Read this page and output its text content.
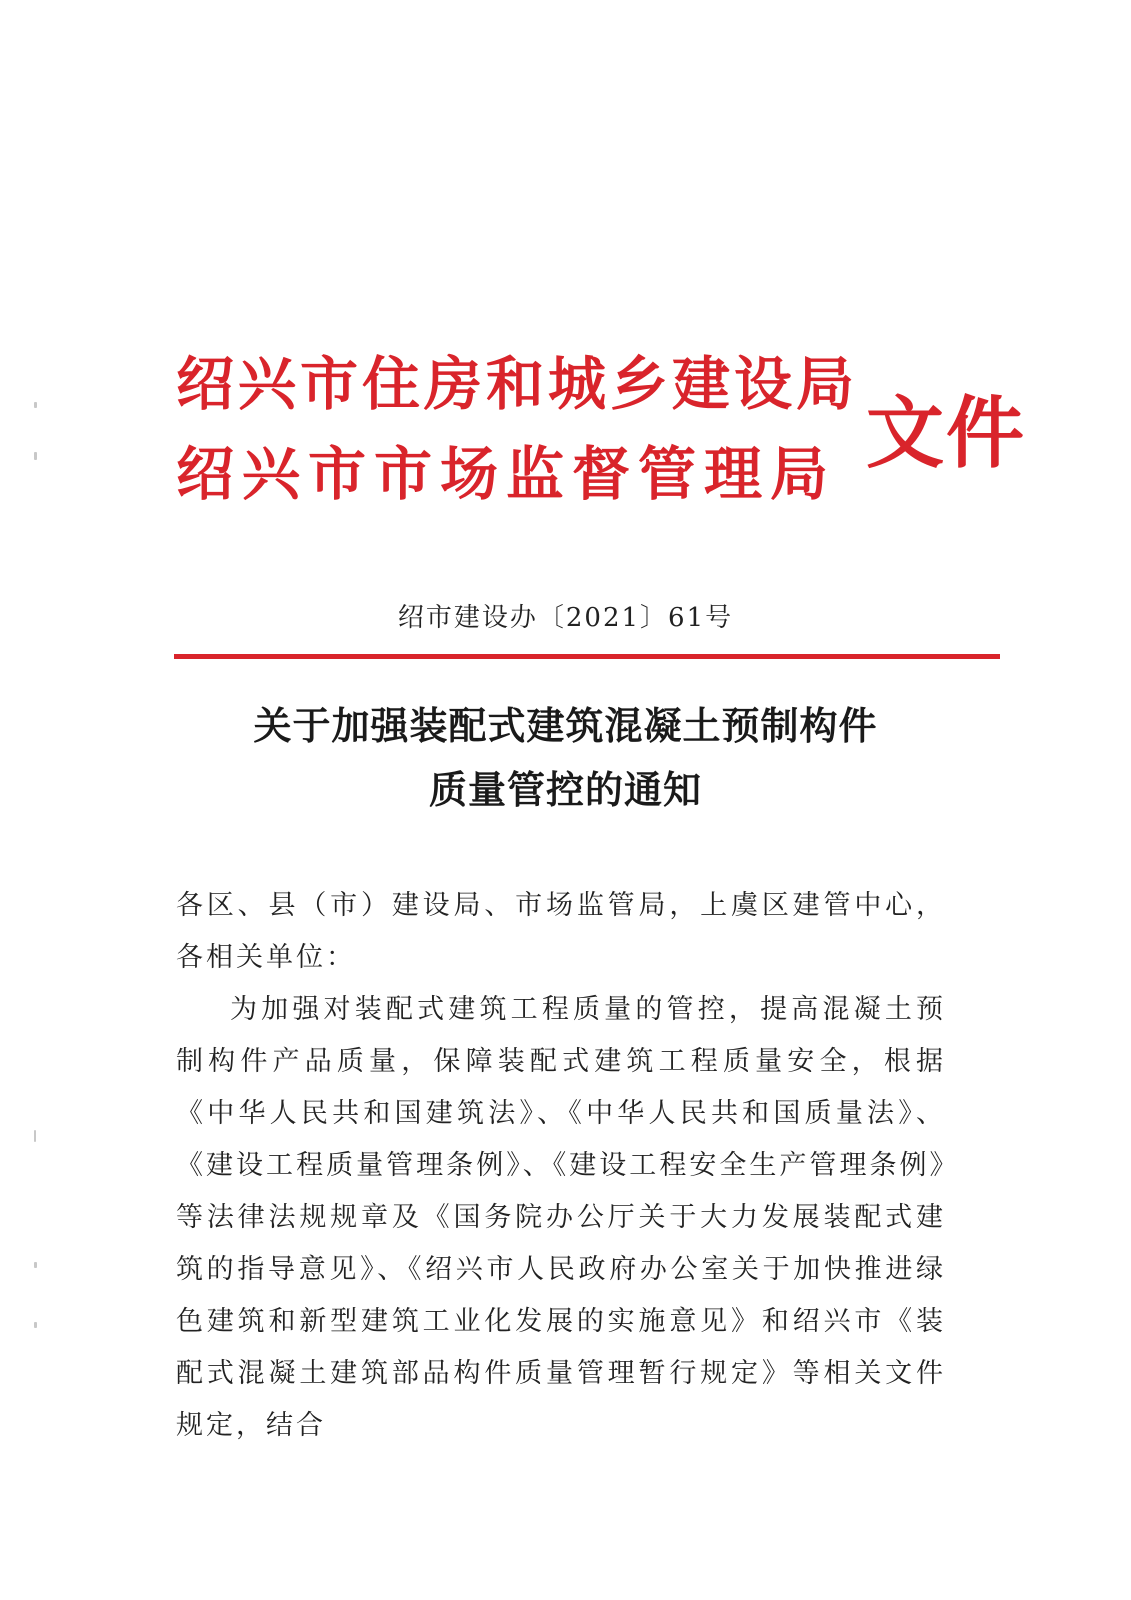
绍兴市住房和城乡建设局
绍兴市市场监督管理局 文件
绍市建设办〔2021〕61号
关于加强装配式建筑混凝土预制构件
质量管控的通知

各区、县（市）建设局、市场监管局，上虞区建管中心，各相关单位：

为加强对装配式建筑工程质量的管控，提高混凝土预制构件产品质量，保障装配式建筑工程质量安全，根据《中华人民共和国建筑法》、《中华人民共和国质量法》、《建设工程质量管理条例》、《建设工程安全生产管理条例》等法律法规规章及《国务院办公厅关于大力发展装配式建筑的指导意见》、《绍兴市人民政府办公室关于加快推进绿色建筑和新型建筑工业化发展的实施意见》和绍兴市《装配式混凝土建筑部品构件质量管理暂行规定》等相关文件规定，结合
